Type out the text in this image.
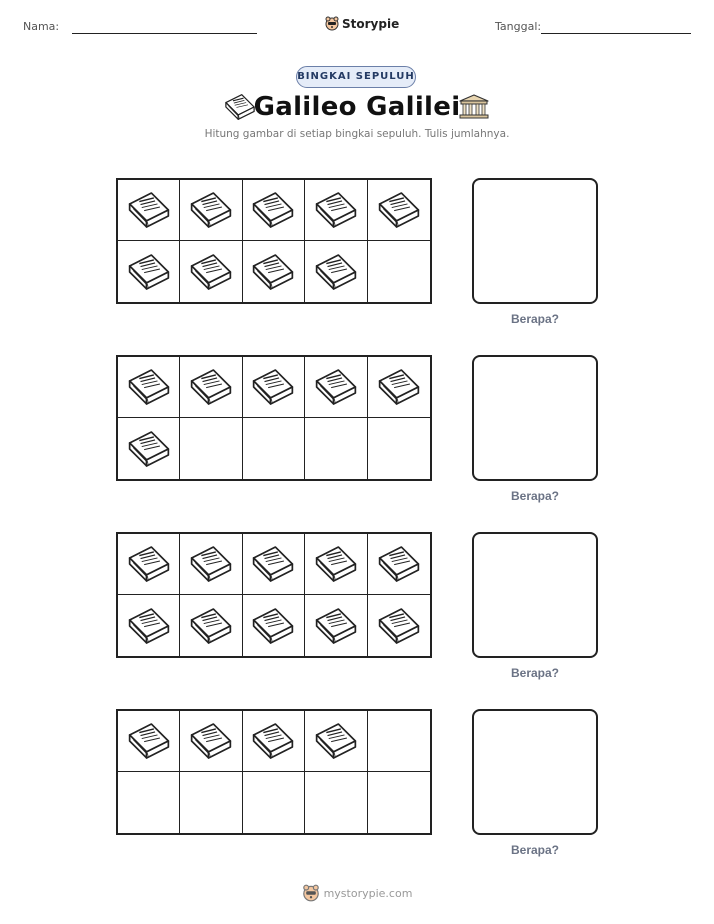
Nama:	Storypie	Tanggal:
BINGKAI SEPULUH
Galileo Galilei
Hitung gambar di setiap bingkai sepuluh. Tulis jumlahnya.
Berapa?
Berapa?
Berapa?
Berapa?
mystorypie.com
